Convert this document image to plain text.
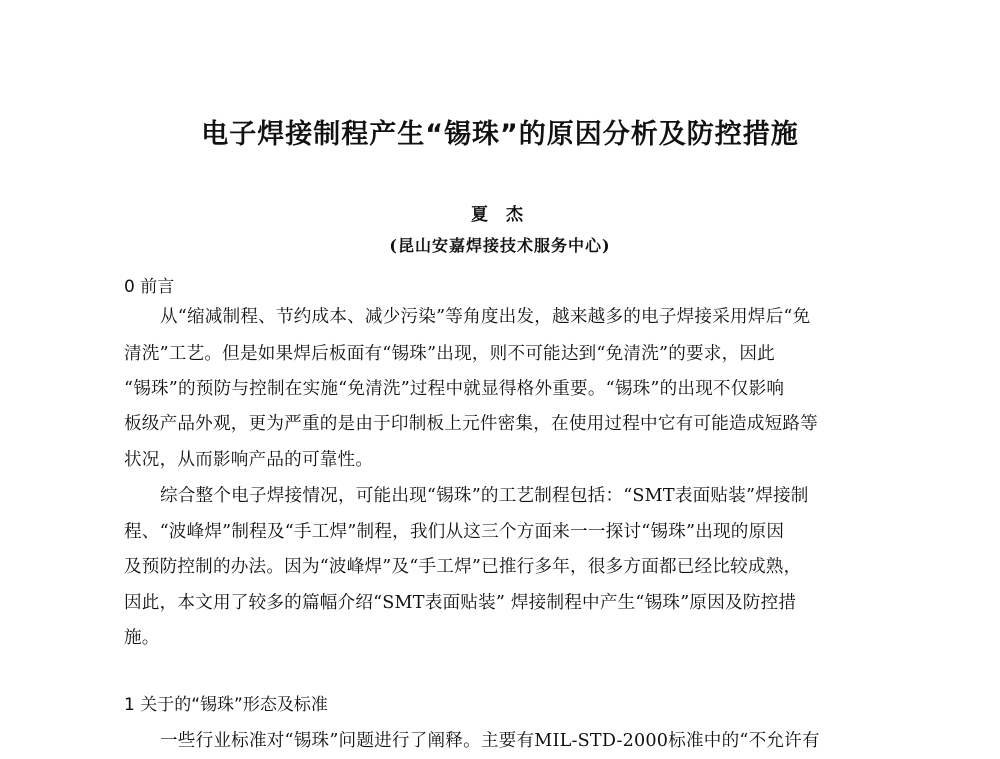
电子焊接制程产生“锡珠”的原因分析及防控措施
夏 杰
(昆山安嘉焊接技术服务中心)
0 前言
从“缩减制程、节约成本、减少污染”等角度出发，越来越多的电子焊接采用焊后“免
清洗”工艺。但是如果焊后板面有“锡珠”出现，则不可能达到“免清洗”的要求，因此
“锡珠”的预防与控制在实施“免清洗”过程中就显得格外重要。“锡珠”的出现不仅影响
板级产品外观，更为严重的是由于印制板上元件密集，在使用过程中它有可能造成短路等
状况，从而影响产品的可靠性。
综合整个电子焊接情况，可能出现“锡珠”的工艺制程包括：“SMT表面贴装”焊接制
程、“波峰焊”制程及“手工焊”制程，我们从这三个方面来一一探讨“锡珠”出现的原因
及预防控制的办法。因为“波峰焊”及“手工焊”已推行多年，很多方面都已经比较成熟，
因此，本文用了较多的篇幅介绍“SMT表面贴装” 焊接制程中产生“锡珠”原因及防控措
施。
1 关于的“锡珠”形态及标准
一些行业标准对“锡珠”问题进行了阐释。主要有MIL-STD-2000标准中的“不允许有
